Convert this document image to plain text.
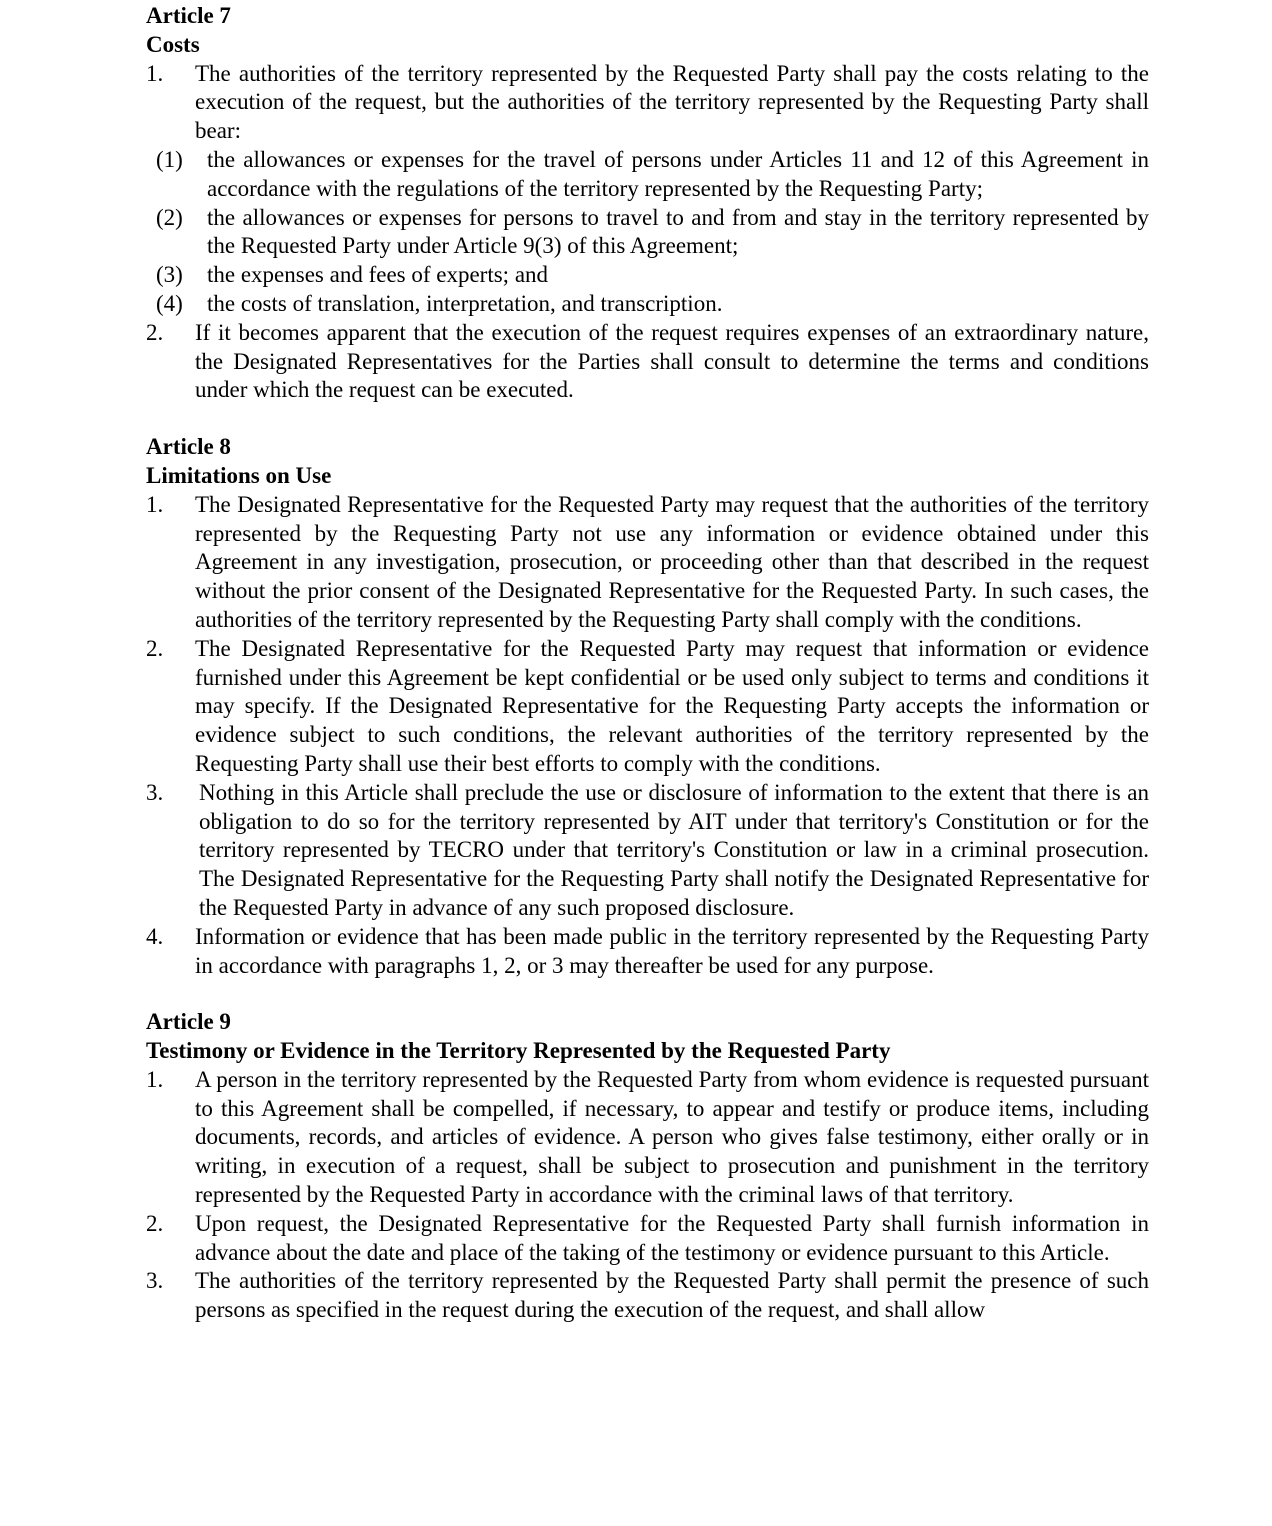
Article 7
Costs
1.	The authorities of the territory represented by the Requested Party shall pay the costs relating to the execution of the request, but the authorities of the territory represented by the Requesting Party shall bear:
(1)	the allowances or expenses for the travel of persons under Articles 11 and 12 of this Agreement in accordance with the regulations of the territory represented by the Requesting Party;
(2)	the allowances or expenses for persons to travel to and from and stay in the territory represented by the Requested Party under Article 9(3) of this Agreement;
(3)	the expenses and fees of experts; and
(4)	the costs of translation, interpretation, and transcription.
2.	If it becomes apparent that the execution of the request requires expenses of an extraordinary nature, the Designated Representatives for the Parties shall consult to determine the terms and conditions under which the request can be executed.
Article 8
Limitations on Use
1.	The Designated Representative for the Requested Party may request that the authorities of the territory represented by the Requesting Party not use any information or evidence obtained under this Agreement in any investigation, prosecution, or proceeding other than that described in the request without the prior consent of the Designated Representative for the Requested Party. In such cases, the authorities of the territory represented by the Requesting Party shall comply with the conditions.
2.	The Designated Representative for the Requested Party may request that information or evidence furnished under this Agreement be kept confidential or be used only subject to terms and conditions it may specify. If the Designated Representative for the Requesting Party accepts the information or evidence subject to such conditions, the relevant authorities of the territory represented by the Requesting Party shall use their best efforts to comply with the conditions.
3.	Nothing in this Article shall preclude the use or disclosure of information to the extent that there is an obligation to do so for the territory represented by AIT under that territory's Constitution or for the territory represented by TECRO under that territory's Constitution or law in a criminal prosecution. The Designated Representative for the Requesting Party shall notify the Designated Representative for the Requested Party in advance of any such proposed disclosure.
4.	Information or evidence that has been made public in the territory represented by the Requesting Party in accordance with paragraphs 1, 2, or 3 may thereafter be used for any purpose.
Article 9
Testimony or Evidence in the Territory Represented by the Requested Party
1.	A person in the territory represented by the Requested Party from whom evidence is requested pursuant to this Agreement shall be compelled, if necessary, to appear and testify or produce items, including documents, records, and articles of evidence. A person who gives false testimony, either orally or in writing, in execution of a request, shall be subject to prosecution and punishment in the territory represented by the Requested Party in accordance with the criminal laws of that territory.
2.	Upon request, the Designated Representative for the Requested Party shall furnish information in advance about the date and place of the taking of the testimony or evidence pursuant to this Article.
3.	The authorities of the territory represented by the Requested Party shall permit the presence of such persons as specified in the request during the execution of the request, and shall allow
